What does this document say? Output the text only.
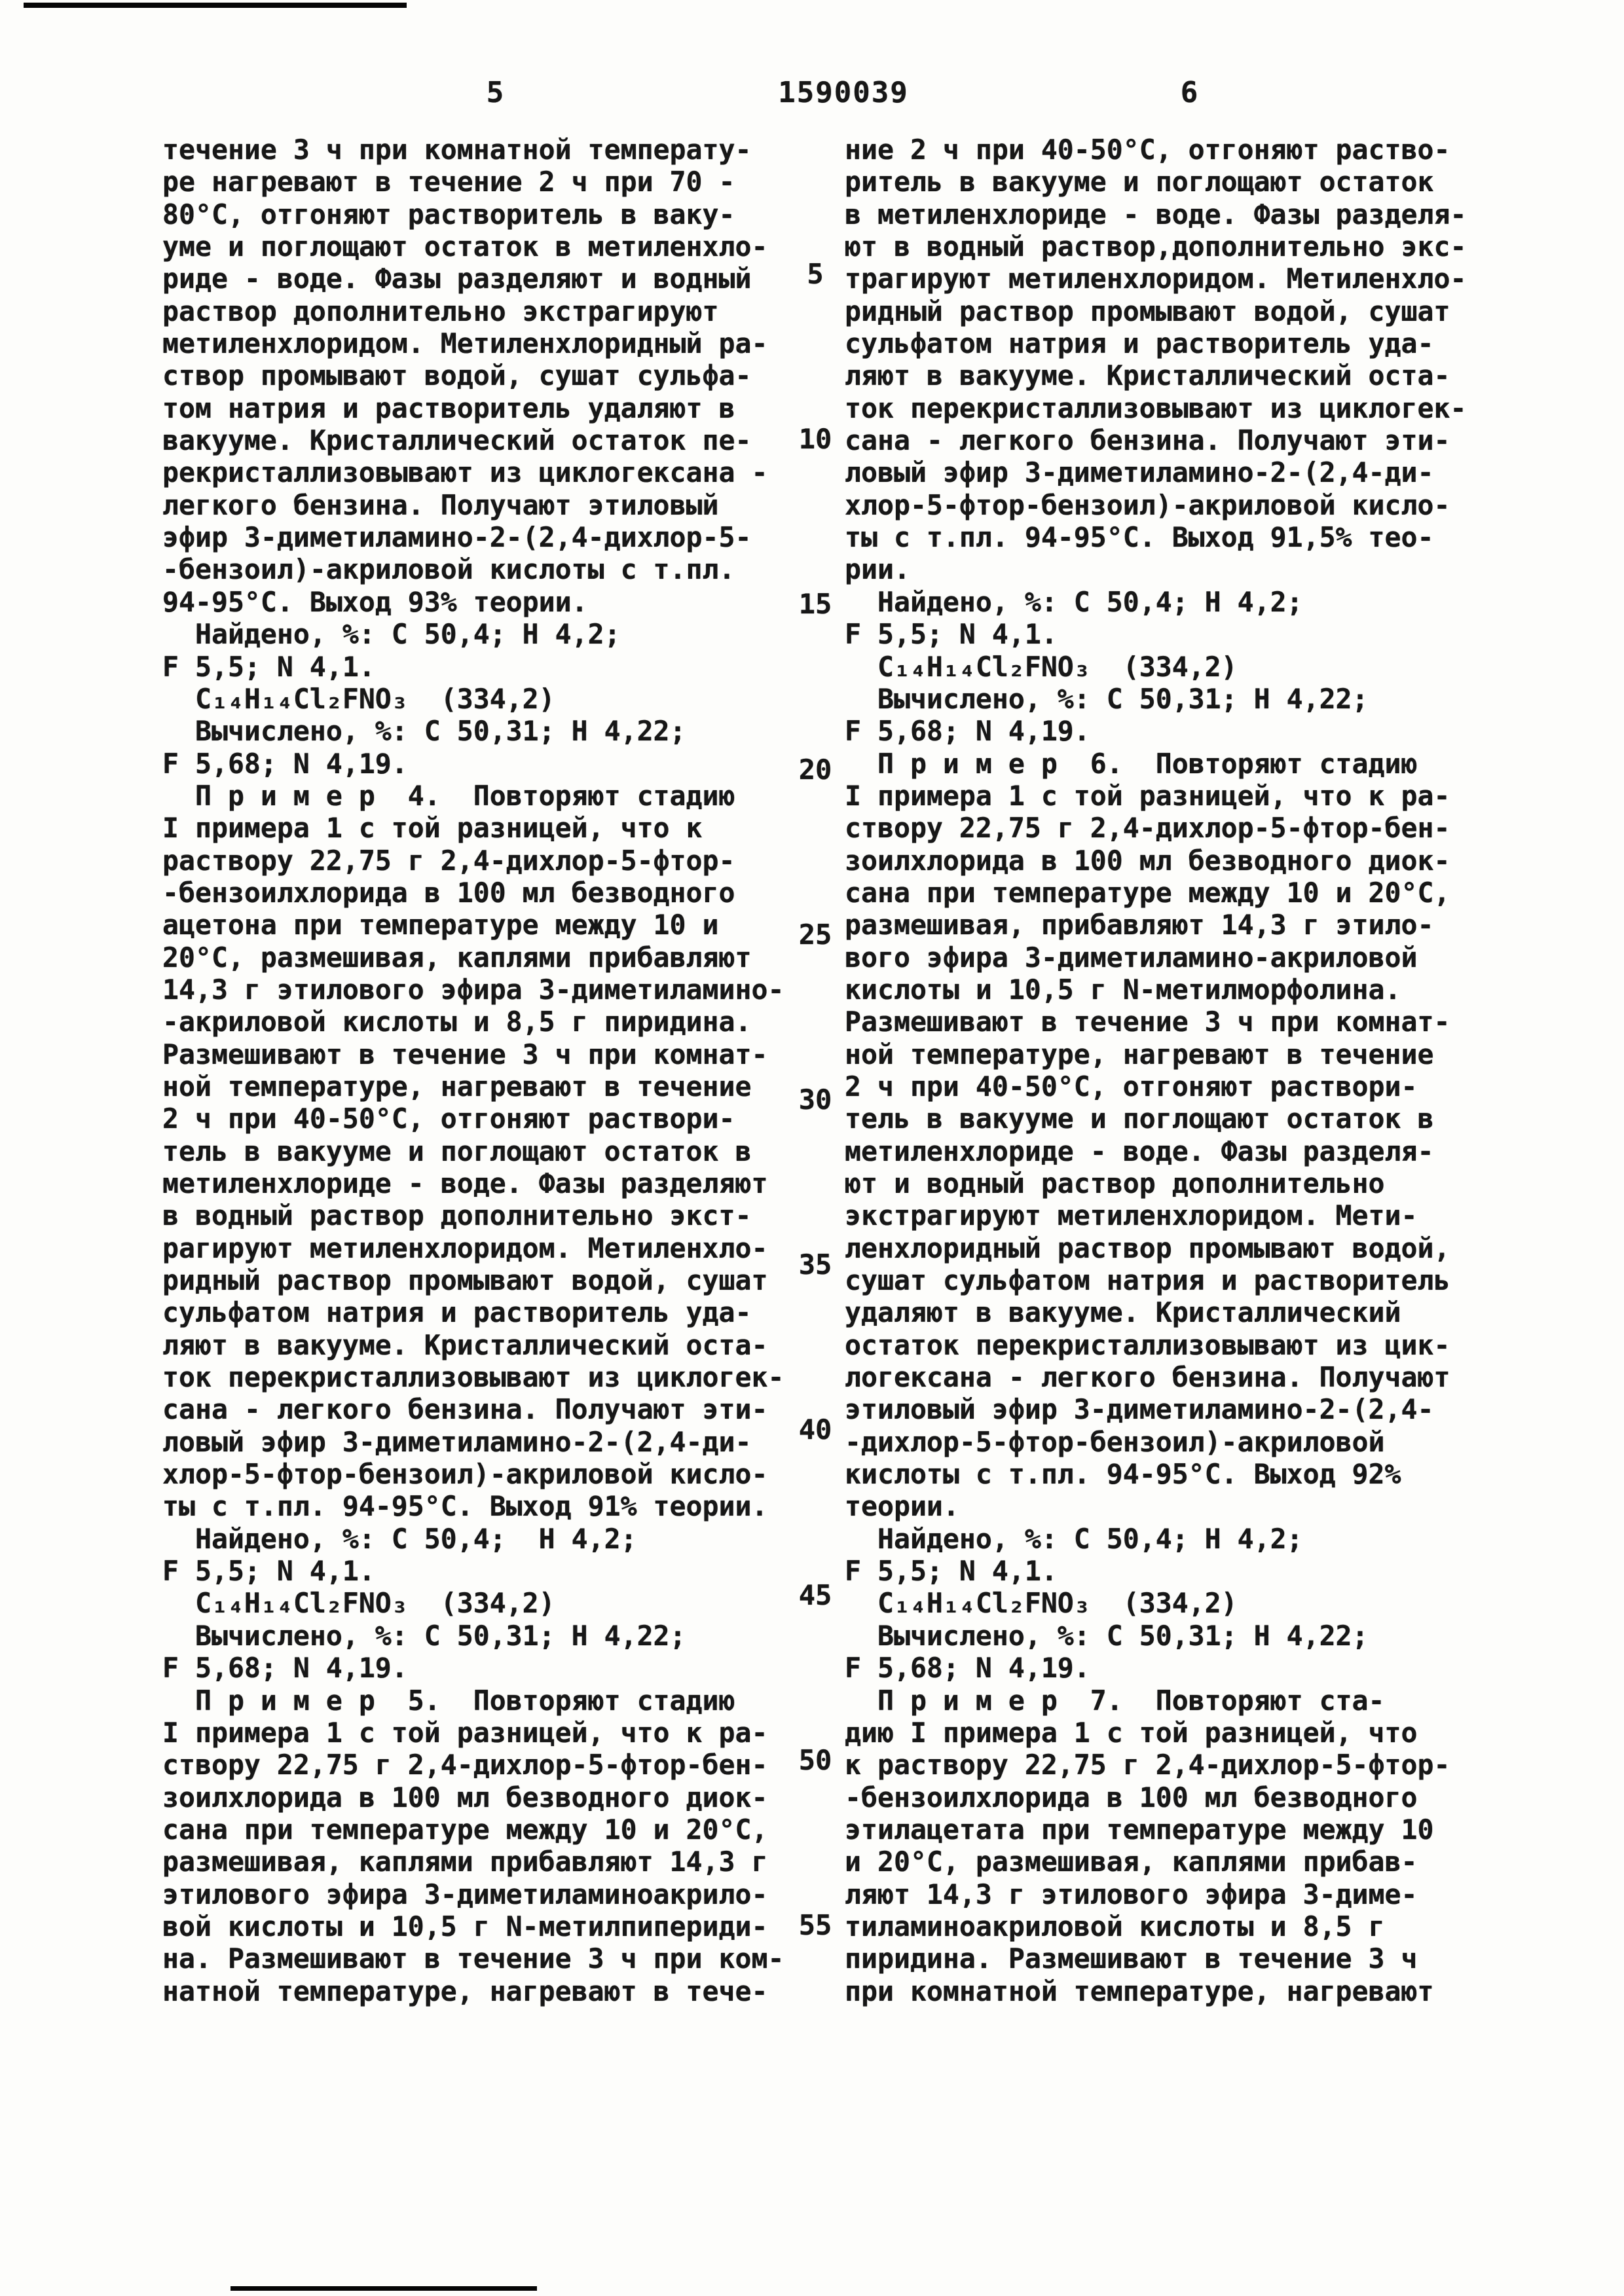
5	1590039	6
течение 3 ч при комнатной температу-
ре нагревают в течение 2 ч при 70 -
80°С, отгоняют растворитель в ваку-
уме и поглощают остаток в метиленхло-
риде - воде. Фазы разделяют и водный
раствор дополнительно экстрагируют
метиленхлоридом. Метиленхлоридный ра-
створ промывают водой, сушат сульфа-
том натрия и растворитель удаляют в
вакууме. Кристаллический остаток пе-
рекристаллизовывают из циклогексана -
легкого бензина. Получают этиловый
эфир 3-диметиламино-2-(2,4-дихлор-5-
-бензоил)-акриловой кислоты с т.пл.
94-95°С. Выход 93% теории.
Найдено, %: С 50,4; Н 4,2;
F 5,5; N 4,1.
C₁₄H₁₄Cl₂FNO₃  (334,2)
Вычислено, %: С 50,31; Н 4,22;
F 5,68; N 4,19.
П р и м е р  4.  Повторяют стадию
I примера 1 с той разницей, что к
раствору 22,75 г 2,4-дихлор-5-фтор-
-бензоилхлорида в 100 мл безводного
ацетона при температуре между 10 и
20°С, размешивая, каплями прибавляют
14,3 г этилового эфира 3-диметиламино-
-акриловой кислоты и 8,5 г пиридина.
Размешивают в течение 3 ч при комнат-
ной температуре, нагревают в течение
2 ч при 40-50°С, отгоняют раствори-
тель в вакууме и поглощают остаток в
метиленхлориде - воде. Фазы разделяют
в водный раствор дополнительно экст-
рагируют метиленхлоридом. Метиленхло-
ридный раствор промывают водой, сушат
сульфатом натрия и растворитель уда-
ляют в вакууме. Кристаллический оста-
ток перекристаллизовывают из циклогек-
сана - легкого бензина. Получают эти-
ловый эфир 3-диметиламино-2-(2,4-ди-
хлор-5-фтор-бензоил)-акриловой кисло-
ты с т.пл. 94-95°С. Выход 91% теории.
Найдено, %: С 50,4;  Н 4,2;
F 5,5; N 4,1.
C₁₄H₁₄Cl₂FNO₃  (334,2)
Вычислено, %: С 50,31; Н 4,22;
F 5,68; N 4,19.
П р и м е р  5.  Повторяют стадию
I примера 1 с той разницей, что к ра-
створу 22,75 г 2,4-дихлор-5-фтор-бен-
зоилхлорида в 100 мл безводного диок-
сана при температуре между 10 и 20°С,
размешивая, каплями прибавляют 14,3 г
этилового эфира 3-диметиламиноакрило-
вой кислоты и 10,5 г N-метилпипериди-
на. Размешивают в течение 3 ч при ком-
натной температуре, нагревают в тече-
ние 2 ч при 40-50°С, отгоняют раство-
ритель в вакууме и поглощают остаток
в метиленхлориде - воде. Фазы разделя-
ют в водный раствор,дополнительно экс-
трагируют метиленхлоридом. Метиленхло-
ридный раствор промывают водой, сушат
сульфатом натрия и растворитель уда-
ляют в вакууме. Кристаллический оста-
ток перекристаллизовывают из циклогек-
сана - легкого бензина. Получают эти-
ловый эфир 3-диметиламино-2-(2,4-ди-
хлор-5-фтор-бензоил)-акриловой кисло-
ты с т.пл. 94-95°С. Выход 91,5% тео-
рии.
Найдено, %: С 50,4; Н 4,2;
F 5,5; N 4,1.
C₁₄H₁₄Cl₂FNO₃  (334,2)
Вычислено, %: С 50,31; Н 4,22;
F 5,68; N 4,19.
П р и м е р  6.  Повторяют стадию
I примера 1 с той разницей, что к ра-
створу 22,75 г 2,4-дихлор-5-фтор-бен-
зоилхлорида в 100 мл безводного диок-
сана при температуре между 10 и 20°С,
размешивая, прибавляют 14,3 г этило-
вого эфира 3-диметиламино-акриловой
кислоты и 10,5 г N-метилморфолина.
Размешивают в течение 3 ч при комнат-
ной температуре, нагревают в течение
2 ч при 40-50°С, отгоняют раствори-
тель в вакууме и поглощают остаток в
метиленхлориде - воде. Фазы разделя-
ют и водный раствор дополнительно
экстрагируют метиленхлоридом. Мети-
ленхлоридный раствор промывают водой,
сушат сульфатом натрия и растворитель
удаляют в вакууме. Кристаллический
остаток перекристаллизовывают из цик-
логексана - легкого бензина. Получают
этиловый эфир 3-диметиламино-2-(2,4-
-дихлор-5-фтор-бензоил)-акриловой
кислоты с т.пл. 94-95°С. Выход 92%
теории.
Найдено, %: С 50,4; Н 4,2;
F 5,5; N 4,1.
C₁₄H₁₄Cl₂FNO₃  (334,2)
Вычислено, %: С 50,31; Н 4,22;
F 5,68; N 4,19.
П р и м е р  7.  Повторяют ста-
дию I примера 1 с той разницей, что
к раствору 22,75 г 2,4-дихлор-5-фтор-
-бензоилхлорида в 100 мл безводного
этилацетата при температуре между 10
и 20°С, размешивая, каплями прибав-
ляют 14,3 г этилового эфира 3-диме-
тиламиноакриловой кислоты и 8,5 г
пиридина. Размешивают в течение 3 ч
при комнатной температуре, нагревают
5
10
15
20
25
30
35
40
45
50
55
